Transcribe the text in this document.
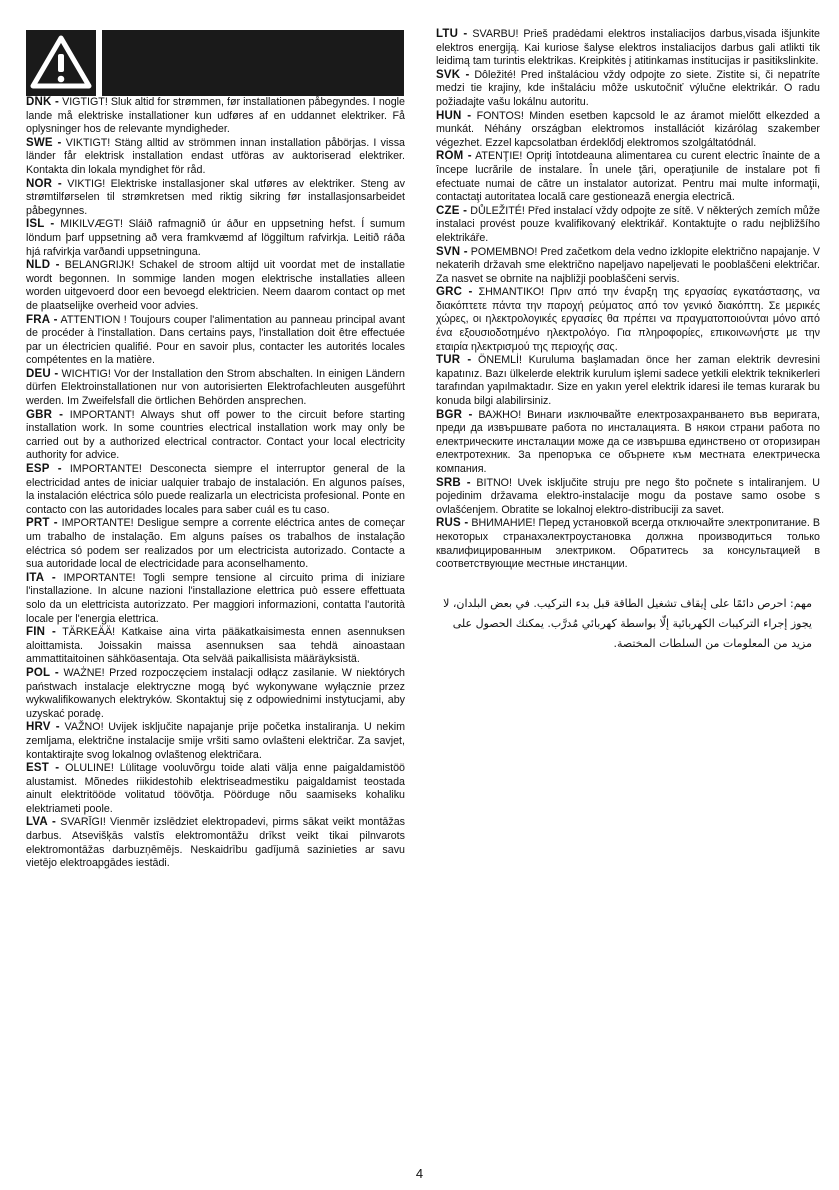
DNK - VIGTIGT! Sluk altid for strømmen, før installationen påbegyndes. I nogle lande må elektriske installationer kun udføres af en uddannet elektriker. Få oplysninger hos de relevante myndigheder.
SWE - VIKTIGT! Stäng alltid av strömmen innan installation påbörjas. I vissa länder får elektrisk installation endast utföras av auktoriserad elektriker. Kontakta din lokala myndighet för råd.
NOR - VIKTIG! Elektriske installasjoner skal utføres av elektriker. Steng av strømtilførselen til strømkretsen med riktig sikring før installasjonsarbeidet påbegynnes.
ISL - MIKILVÆGT! Sláið rafmagnið úr áður en uppsetning hefst. Í sumum löndum þarf uppsetning að vera framkvæmd af löggiltum rafvirkja. Leitið ráða hjá rafvirkja varðandi uppsetninguna.
NLD - BELANGRIJK! Schakel de stroom altijd uit voordat met de installatie wordt begonnen. In sommige landen mogen elektrische installaties alleen worden uitgevoerd door een bevoegd elektricien. Neem daarom contact op met de plaatselijke overheid voor advies.
FRA - ATTENTION ! Toujours couper l'alimentation au panneau principal avant de procéder à l'installation. Dans certains pays, l'installation doit être effectuée par un électricien qualifié. Pour en savoir plus, contacter les autorités locales compétentes en la matière.
DEU - WICHTIG! Vor der Installation den Strom abschalten. In einigen Ländern dürfen Elektroinstallationen nur von autorisierten Elektrofachleuten ausgeführt werden. Im Zweifelsfall die örtlichen Behörden ansprechen.
GBR - IMPORTANT! Always shut off power to the circuit before starting installation work. In some countries electrical installation work may only be carried out by a authorized electrical contractor. Contact your local electricity authority for advice.
ESP - IMPORTANTE! Desconecta siempre el interruptor general de la electricidad antes de iniciar ualquier trabajo de instalación. En algunos países, la instalación eléctrica sólo puede realizarla un electricista profesional. Ponte en contacto con las autoridades locales para saber cuál es tu caso.
PRT - IMPORTANTE! Desligue sempre a corrente eléctrica antes de começar um trabalho de instalação. Em alguns países os trabalhos de instalação eléctrica só podem ser realizados por um electricista autorizado. Contacte a sua autoridade local de electricidade para aconselhamento.
ITA - IMPORTANTE! Togli sempre tensione al circuito prima di iniziare l'installazione. In alcune nazioni l'installazione elettrica può essere effettuata solo da un elettricista autorizzato. Per maggiori informazioni, contatta l'autorità locale per l'energia elettrica.
FIN - TÄRKEÄÄ! Katkaise aina virta pääkatkaisimesta ennen asennuksen aloittamista. Joissakin maissa asennuksen saa tehdä ainoastaan ammattitaitoinen sähköasentaja. Ota selvää paikallisista määräyksistä.
POL - WAŻNE! Przed rozpoczęciem instalacji odłącz zasilanie. W niektórych państwach instalacje elektryczne mogą być wykonywane wyłącznie przez wykwalifikowanych elektryków. Skontaktuj się z odpowiednimi instytucjami, aby uzyskać poradę.
HRV - VAŽNO! Uvijek isključite napajanje prije početka instaliranja. U nekim zemljama, električne instalacije smije vršiti samo ovlašteni električar. Za savjet, kontaktirajte svog lokalnog ovlaštenog električara.
EST - OLULINE! Lülitage vooluvõrgu toide alati välja enne paigaldamistöö alustamist. Mõnedes riikidestohib elektriseadmestiku paigaldamist teostada ainult elektritööde volitatud töövõtja. Pöörduge nõu saamiseks kohaliku elektriameti poole.
LVA - SVARĪGI! Vienmēr izslēdziet elektropadevi, pirms sākat veikt montāžas darbus. Atsevišķās valstīs elektromontāžu drīkst veikt tikai pilnvarots elektromontāžas darbuzņēmējs. Neskaidrību gadījumā sazinieties ar savu vietējo elektroapgādes iestādi.
LTU - SVARBU! Prieš pradėdami elektros instaliacijos darbus,visada išjunkite elektros energiją. Kai kuriose šalyse elektros instaliacijos darbus gali atlikti tik leidimą tam turintis elektrikas. Kreipkitės į atitinkamas institucijas ir pasitikslinkite.
SVK - Dôležité! Pred inštaláciou vždy odpojte zo siete. Zistite si, či nepatríte medzi tie krajiny, kde inštaláciu môže uskutočniť výlučne elektrikár. O radu požiadajte vašu lokálnu autoritu.
HUN - FONTOS! Minden esetben kapcsold le az áramot mielőtt elkezded a munkát. Néhány országban elektromos installációt kizárólag szakember végezhet. Ezzel kapcsolatban érdeklődj elektromos szolgáltatódnál.
ROM - ATENŢIE! Opriţi întotdeauna alimentarea cu curent electric înainte de a începe lucrările de instalare. În unele ţări, operaţiunile de instalare pot fi efectuate numai de către un instalator autorizat. Pentru mai multe informaţii, contactaţi autoritatea locală care gestionează energia electrică.
CZE - DŮLEŽITÉ! Před instalací vždy odpojte ze sítě. V některých zemích může instalaci provést pouze kvalifikovaný elektrikář. Kontaktujte o radu nejbližšího elektrikáře.
SVN - POMEMBNO! Pred začetkom dela vedno izklopite električno napajanje. V nekaterih državah sme električno napeljavo napeljevati le pooblaščeni električar. Za nasvet se obrnite na najbližji pooblaščeni servis.
GRC - ΣΗΜΑΝΤΙΚΟ! Πριν από την έναρξη της εργασίας εγκατάστασης, να διακόπτετε πάντα την παροχή ρεύματος από τον γενικό διακόπτη. Σε μερικές χώρες, οι ηλεκτρολογικές εργασίες θα πρέπει να πραγματοποιούνται μόνο από ένα εξουσιοδοτημένο ηλεκτρολόγο. Για πληροφορίες, επικοινωνήστε με την εταιρία ηλεκτρισμού της περιοχής σας.
TUR - ÖNEMLİ! Kuruluma başlamadan önce her zaman elektrik devresini kapatınız. Bazı ülkelerde elektrik kurulum işlemi sadece yetkili elektrik teknikerleri tarafından yapılmaktadır. Size en yakın yerel elektrik idaresi ile temas kurarak bu konuda bilgi alabilirsiniz.
BGR - ВАЖНО! Винаги изключвайте електрозахранването във веригата, преди да извършвате работа по инсталацията. В някои страни работа по електрическите инсталации може да се извършва единствено от оторизиран електротехник. За препоръка се обърнете към местната електрическа компания.
SRB - BITNO! Uvek isključite struju pre nego što počnete s intaliranjem. U pojedinim državama elektro-instalacije mogu da postave samo osobe s ovlašćenjem. Obratite se lokalnoj elektro-distribuciji za savet.
RUS - ВНИМАНИЕ! Перед установкой всегда отключайте электропитание. В некоторых странахэлектроустановка должна производиться только квалифицированным электриком. Обратитесь за консультацией в соответствующие местные инстанции.
مهم: احرص دائمًا على إيقاف تشغيل الطاقة قبل بدء التركيب. في بعض البلدان، لا يجوز إجراء التركيبات الكهربائية إلّا بواسطة كهربائي مُدرَّب. يمكنك الحصول على مزيد من المعلومات من السلطات المختصة.
4
